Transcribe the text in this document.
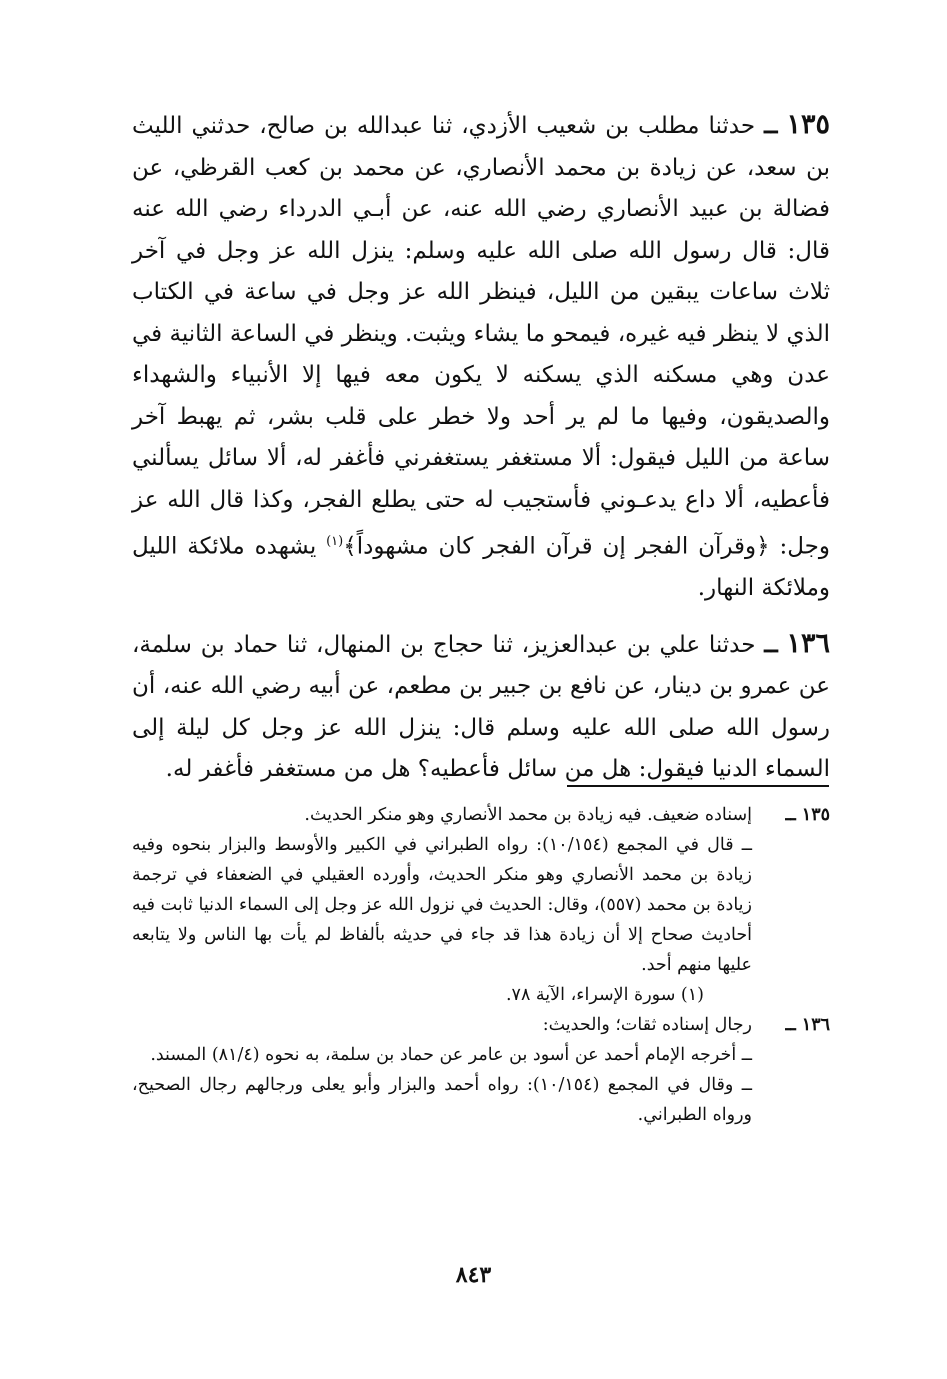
١٣٥ ــ حدثنا مطلب بن شعيب الأزدي، ثنا عبدالله بن صالح، حدثني الليث بن سعد، عن زيادة بن محمد الأنصاري، عن محمد بن كعب القرظي، عن فضالة بن عبيد الأنصاري رضي الله عنه، عن أبـي الدرداء رضي الله عنه قال: قال رسول الله صلى الله عليه وسلم: ينزل الله عز وجل في آخر ثلاث ساعات يبقين من الليل، فينظر الله عز وجل في ساعة في الكتاب الذي لا ينظر فيه غيره، فيمحو ما يشاء ويثبت. وينظر في الساعة الثانية في عدن وهي مسكنه الذي يسكنه لا يكون معه فيها إلا الأنبياء والشهداء والصديقون، وفيها ما لم ير أحد ولا خطر على قلب بشر، ثم يهبط آخر ساعة من الليل فيقول: ألا مستغفر يستغفرني فأغفر له، ألا سائل يسألني فأعطيه، ألا داع يدعـوني فأستجيب له حتى يطلع الفجر، وكذا قال الله عز وجل: ﴿وقرآن الفجر إن قرآن الفجر كان مشهوداً﴾$^{(١)}$ يشهده ملائكة الليل وملائكة النهار.

١٣٦ ــ حدثنا علي بن عبدالعزيز، ثنا حجاج بن المنهال، ثنا حماد بن سلمة، عن عمرو بن دينار، عن نافع بن جبير بن مطعم، عن أبيه رضي الله عنه، أن رسول الله صلى الله عليه وسلم قال: ينزل الله عز وجل كل ليلة إلى السماء الدنيا فيقول: هل من سائل فأعطيه؟ هل من مستغفر فأغفر له.

١٣٥ ــ

إسناده ضعيف. فيه زيادة بن محمد الأنصاري وهو منكر الحديث.

ــ قال في المجمع (١٠/١٥٤): رواه الطبراني في الكبير والأوسط والبزار بنحوه وفيه زيادة بن محمد الأنصاري وهو منكر الحديث، وأورده العقيلي في الضعفاء في ترجمة زيادة بن محمد (٥٥٧)، وقال: الحديث في نزول الله عز وجل إلى السماء الدنيا ثابت فيه أحاديث صحاح إلا أن زيادة هذا قد جاء في حديثه بألفاظ لم يأت بها الناس ولا يتابعه عليها منهم أحد.

(١) سورة الإسراء، الآية ٧٨.

١٣٦ ــ

رجال إسناده ثقات؛ والحديث:

ــ أخرجه الإمام أحمد عن أسود بن عامر عن حماد بن سلمة، به نحوه (٨١/٤) المسند.

ــ وقال في المجمع (١٠/١٥٤): رواه أحمد والبزار وأبو يعلى ورجالهم رجال الصحيح، ورواه الطبراني.

٨٤٣
